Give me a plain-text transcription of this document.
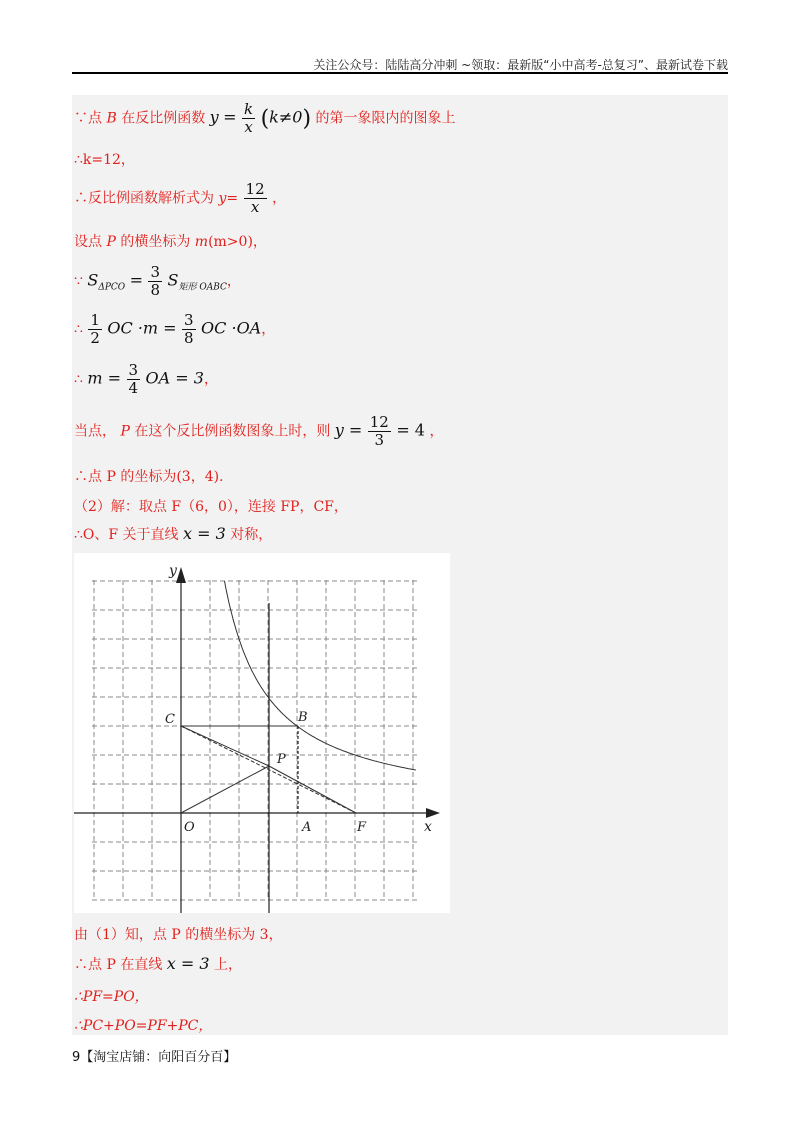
关注公众号：陆陆高分冲刺 ~领取：最新版“小中高考-总复习”、最新试卷下载
∵点 B 在反比例函数 $y = \frac{k}{x} (k\ne 0)$ 的第一象限内的图象上
∴k=12，
∴反比例函数解析式为 $y= \frac{12}{x}$ ，
设点 P 的横坐标为 m(m>0)，
∵ $S_{\Delta PCO} = \frac{3}{8} S_{矩形 OABC}$，
∴ $\frac{1}{2}$ OC $\cdot m = \frac{3}{8}$ OC ·OA，
∴ $m = \frac{3}{4}$ OA = 3，
当点， P 在这个反比例函数图象上时，则 $y = \frac{12}{3} = 4$ ，
∴点 P 的坐标为(3，4).
（2）解：取点 F（6，0），连接 FP，CF，
∴O、F 关于直线 x = 3 对称，
y
x
C	B
P
O	A	F
由（1）知，点 P 的横坐标为 3，
∴点 P 在直线 x = 3 上，
∴PF=PO，
∴PC+PO=PF+PC，
9【淘宝店铺：向阳百分百】
